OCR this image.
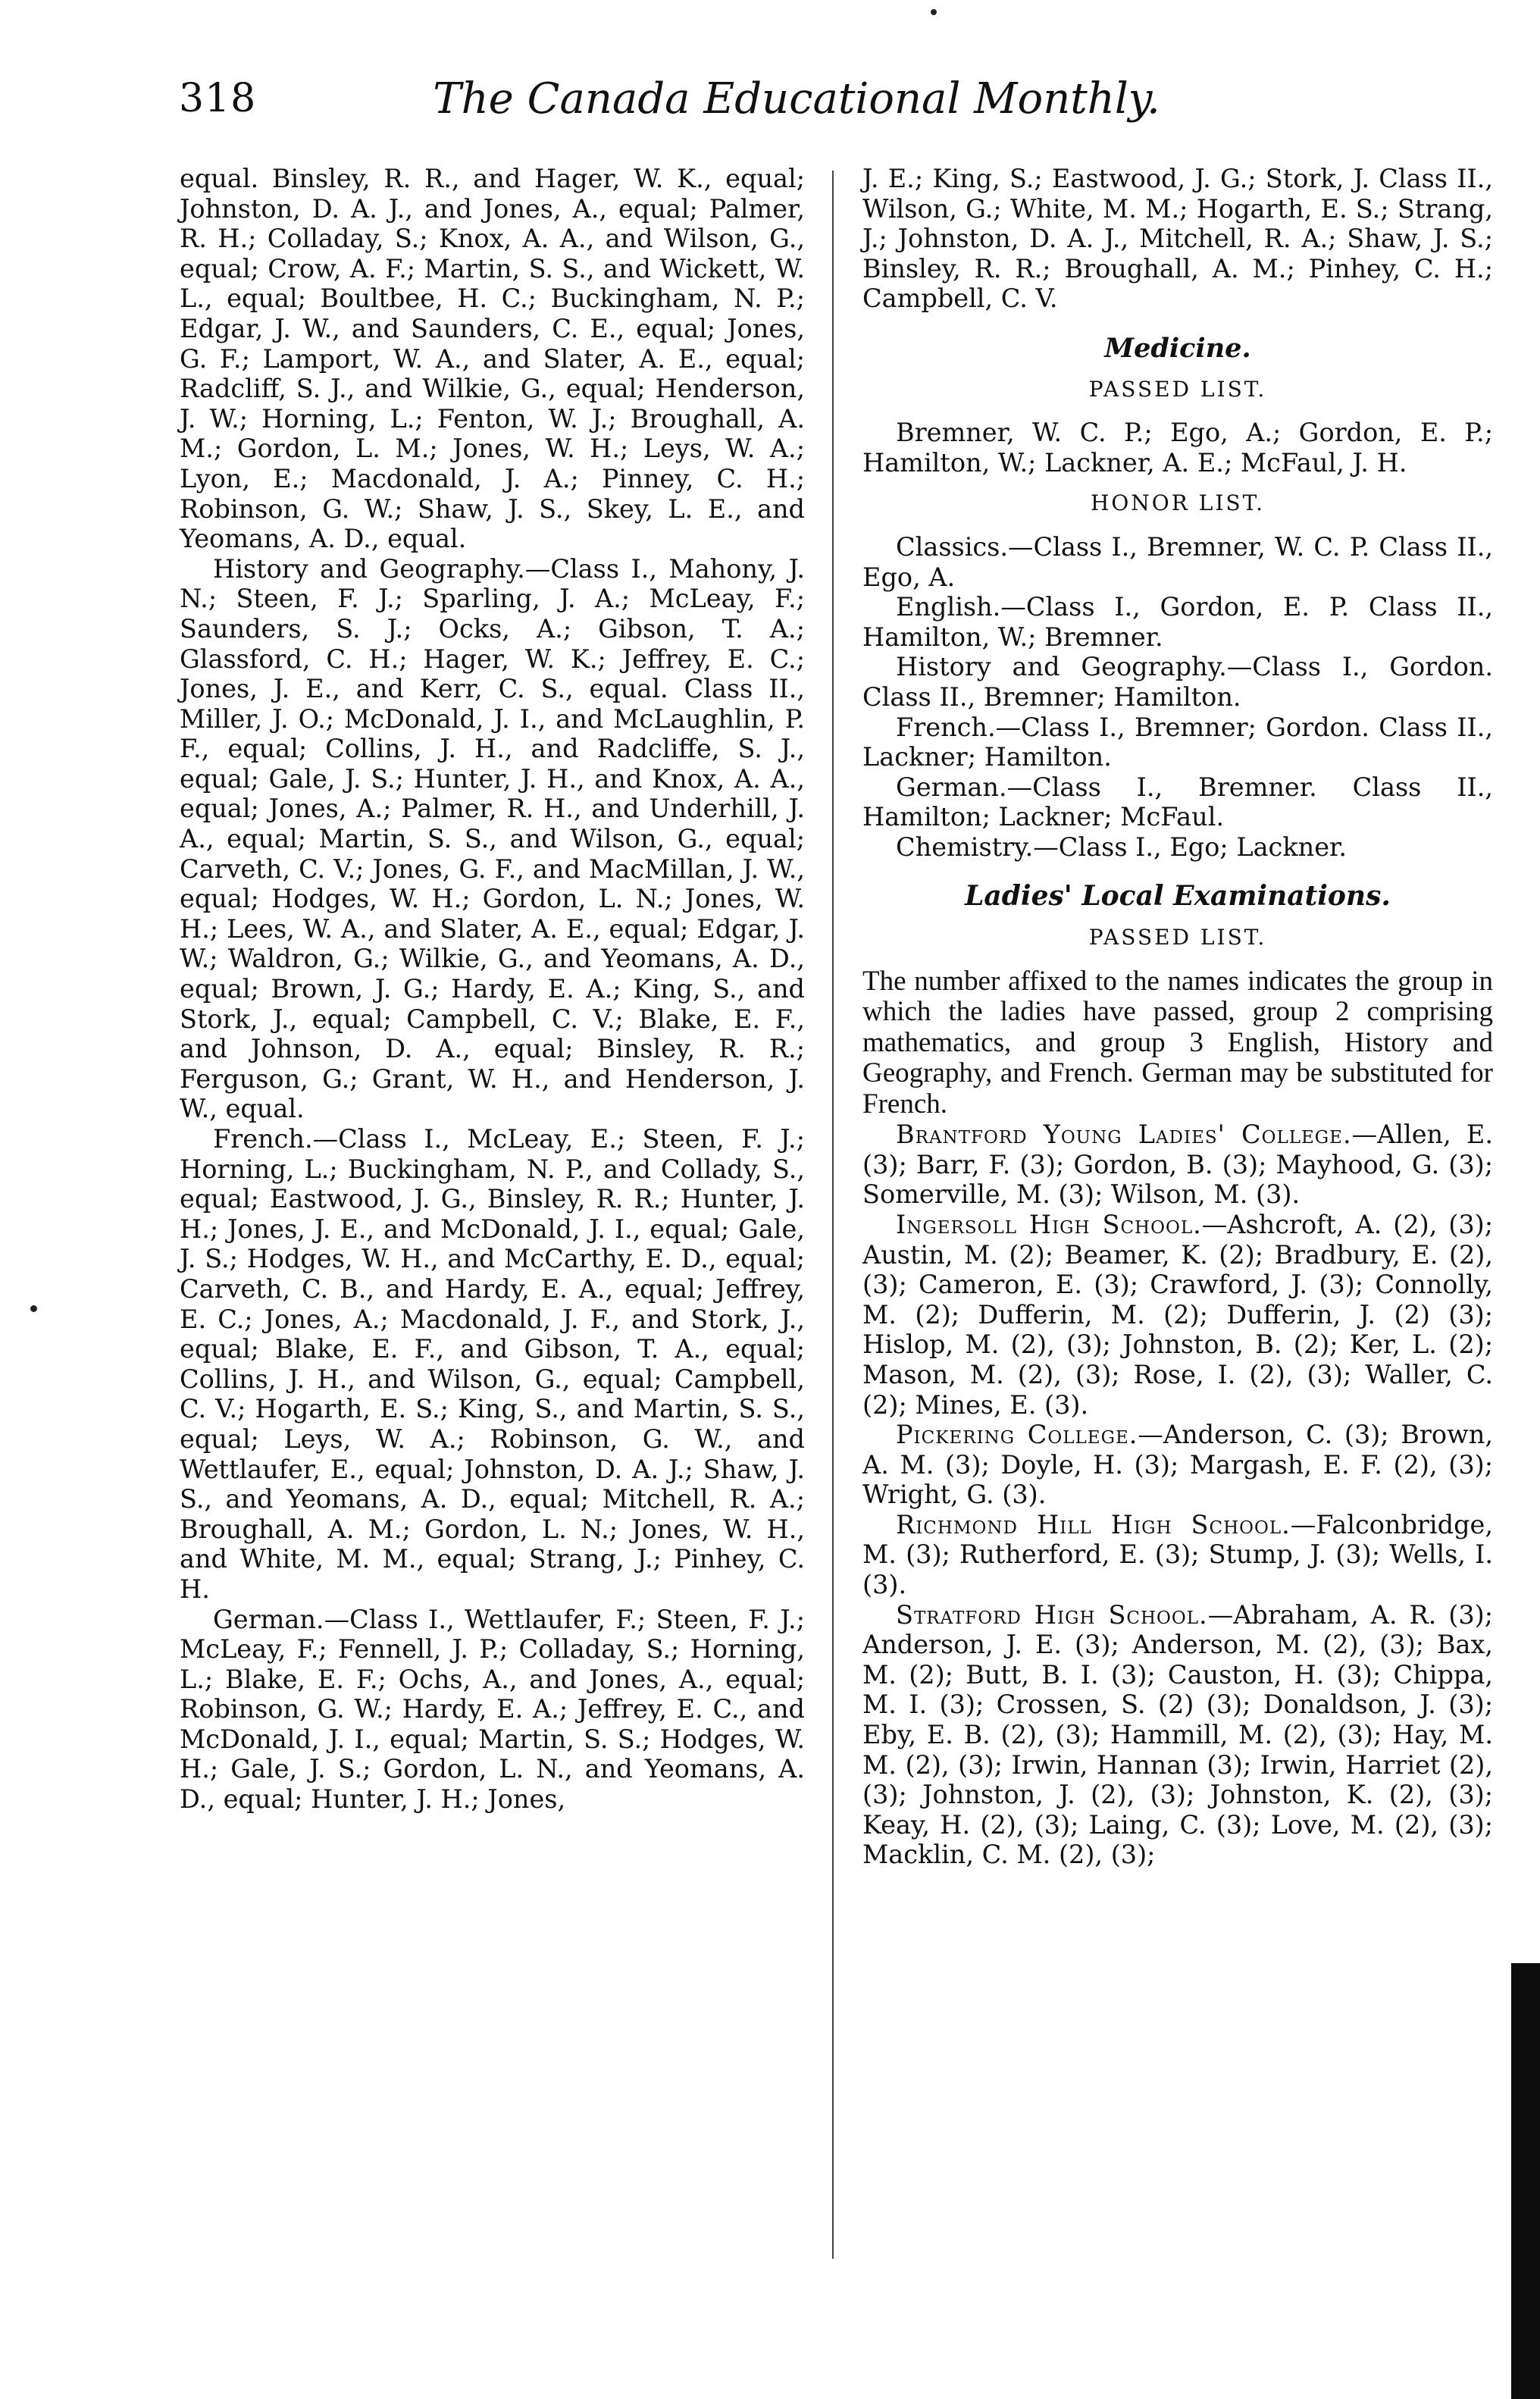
318	The Canada Educational Monthly.

equal. Binsley, R. R., and Hager, W. K., equal; Johnston, D. A. J., and Jones, A., equal; Palmer, R. H.; Colladay, S.; Knox, A. A., and Wilson, G., equal; Crow, A. F.; Martin, S. S., and Wickett, W. L., equal; Boultbee, H. C.; Buckingham, N. P.; Edgar, J. W., and Saunders, C. E., equal; Jones, G. F.; Lamport, W. A., and Slater, A. E., equal; Radcliff, S. J., and Wilkie, G., equal; Henderson, J. W.; Horning, L.; Fenton, W. J.; Broughall, A. M.; Gordon, L. M.; Jones, W. H.; Leys, W. A.; Lyon, E.; Macdonald, J. A.; Pinney, C. H.; Robinson, G. W.; Shaw, J. S., Skey, L. E., and Yeomans, A. D., equal.

History and Geography.—Class I., Mahony, J. N.; Steen, F. J.; Sparling, J. A.; McLeay, F.; Saunders, S. J.; Ocks, A.; Gibson, T. A.; Glassford, C. H.; Hager, W. K.; Jeffrey, E. C.; Jones, J. E., and Kerr, C. S., equal. Class II., Miller, J. O.; McDonald, J. I., and McLaughlin, P. F., equal; Collins, J. H., and Radcliffe, S. J., equal; Gale, J. S.; Hunter, J. H., and Knox, A. A., equal; Jones, A.; Palmer, R. H., and Underhill, J. A., equal; Martin, S. S., and Wilson, G., equal; Carveth, C. V.; Jones, G. F., and MacMillan, J. W., equal; Hodges, W. H.; Gordon, L. N.; Jones, W. H.; Lees, W. A., and Slater, A. E., equal; Edgar, J. W.; Waldron, G.; Wilkie, G., and Yeomans, A. D., equal; Brown, J. G.; Hardy, E. A.; King, S., and Stork, J., equal; Campbell, C. V.; Blake, E. F., and Johnson, D. A., equal; Binsley, R. R.; Ferguson, G.; Grant, W. H., and Henderson, J. W., equal.

French.—Class I., McLeay, E.; Steen, F. J.; Horning, L.; Buckingham, N. P., and Collady, S., equal; Eastwood, J. G., Binsley, R. R.; Hunter, J. H.; Jones, J. E., and McDonald, J. I., equal; Gale, J. S.; Hodges, W. H., and McCarthy, E. D., equal; Carveth, C. B., and Hardy, E. A., equal; Jeffrey, E. C.; Jones, A.; Macdonald, J. F., and Stork, J., equal; Blake, E. F., and Gibson, T. A., equal; Collins, J. H., and Wilson, G., equal; Campbell, C. V.; Hogarth, E. S.; King, S., and Martin, S. S., equal; Leys, W. A.; Robinson, G. W., and Wettlaufer, E., equal; Johnston, D. A. J.; Shaw, J. S., and Yeomans, A. D., equal; Mitchell, R. A.; Broughall, A. M.; Gordon, L. N.; Jones, W. H., and White, M. M., equal; Strang, J.; Pinhey, C. H.

German.—Class I., Wettlaufer, F.; Steen, F. J.; McLeay, F.; Fennell, J. P.; Colladay, S.; Horning, L.; Blake, E. F.; Ochs, A., and Jones, A., equal; Robinson, G. W.; Hardy, E. A.; Jeffrey, E. C., and McDonald, J. I., equal; Martin, S. S.; Hodges, W. H.; Gale, J. S.; Gordon, L. N., and Yeomans, A. D., equal; Hunter, J. H.; Jones,

J. E.; King, S.; Eastwood, J. G.; Stork, J. Class II., Wilson, G.; White, M. M.; Hogarth, E. S.; Strang, J.; Johnston, D. A. J., Mitchell, R. A.; Shaw, J. S.; Binsley, R. R.; Broughall, A. M.; Pinhey, C. H.; Campbell, C. V.

Medicine.
PASSED LIST.

Bremner, W. C. P.; Ego, A.; Gordon, E. P.; Hamilton, W.; Lackner, A. E.; McFaul, J. H.

HONOR LIST.

Classics.—Class I., Bremner, W. C. P. Class II., Ego, A.

English.—Class I., Gordon, E. P. Class II., Hamilton, W.; Bremner.

History and Geography.—Class I., Gordon. Class II., Bremner; Hamilton.

French.—Class I., Bremner; Gordon. Class II., Lackner; Hamilton.

German.—Class I., Bremner. Class II., Hamilton; Lackner; McFaul.

Chemistry.—Class I., Ego; Lackner.

Ladies' Local Examinations.
PASSED LIST.

The number affixed to the names indicates the group in which the ladies have passed, group 2 comprising mathematics, and group 3 English, History and Geography, and French. German may be substituted for French.

Brantford Young Ladies' College.—Allen, E. (3); Barr, F. (3); Gordon, B. (3); Mayhood, G. (3); Somerville, M. (3); Wilson, M. (3).

Ingersoll High School.—Ashcroft, A. (2), (3); Austin, M. (2); Beamer, K. (2); Bradbury, E. (2), (3); Cameron, E. (3); Crawford, J. (3); Connolly, M. (2); Dufferin, M. (2); Dufferin, J. (2) (3); Hislop, M. (2), (3); Johnston, B. (2); Ker, L. (2); Mason, M. (2), (3); Rose, I. (2), (3); Waller, C. (2); Mines, E. (3).

Pickering College.—Anderson, C. (3); Brown, A. M. (3); Doyle, H. (3); Margash, E. F. (2), (3); Wright, G. (3).

Richmond Hill High School.—Falconbridge, M. (3); Rutherford, E. (3); Stump, J. (3); Wells, I. (3).

Stratford High School.—Abraham, A. R. (3); Anderson, J. E. (3); Anderson, M. (2), (3); Bax, M. (2); Butt, B. I. (3); Causton, H. (3); Chippa, M. I. (3); Crossen, S. (2) (3); Donaldson, J. (3); Eby, E. B. (2), (3); Hammill, M. (2), (3); Hay, M. M. (2), (3); Irwin, Hannan (3); Irwin, Harriet (2), (3); Johnston, J. (2), (3); Johnston, K. (2), (3); Keay, H. (2), (3); Laing, C. (3); Love, M. (2), (3); Macklin, C. M. (2), (3);
